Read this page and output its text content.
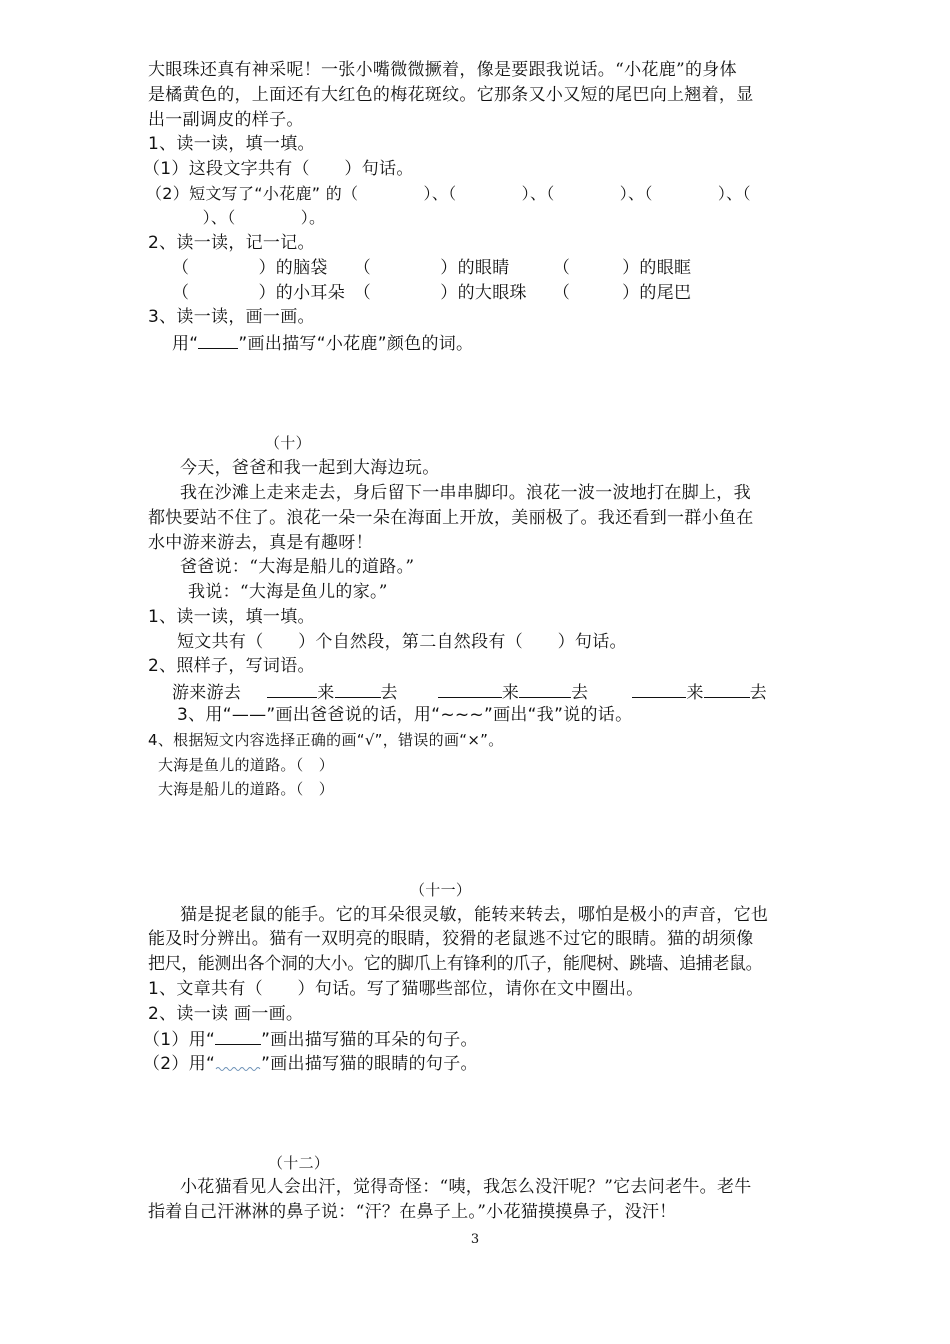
大眼珠还真有神采呢！一张小嘴微微撅着，像是要跟我说话。“小花鹿”的身体
是橘黄色的，上面还有大红色的梅花斑纹。它那条又小又短的尾巴向上翘着，显
出一副调皮的样子。
1、读一读，填一填。
（1）这段文字共有（　　）句话。
（2）短文写了“小花鹿” 的（　　　　）、（　　　　）、（　　　　）、（　　　　）、（
　　）、（　　　　）。
2、读一读，记一记。
（　　　　）的脑袋　　（　　　　）的眼睛　　　（　　　）的眼眶
（　　　　）的小耳朵　（　　　　）的大眼珠　　（　　　）的尾巴
3、读一读，画一画。
用“ ”画出描写“小花鹿”颜色的词。
（十）
今天，爸爸和我一起到大海边玩。
我在沙滩上走来走去，身后留下一串串脚印。浪花一波一波地打在脚上，我
都快要站不住了。浪花一朵一朵在海面上开放，美丽极了。我还看到一群小鱼在
水中游来游去，真是有趣呀！
爸爸说：“大海是船儿的道路。”
我说：“大海是鱼儿的家。”
1、读一读，填一填。
短文共有（　　）个自然段，第二自然段有（　　）句话。
2、照样子，写词语。
游来游去	来	去	来	去	来	去
3、用“——”画出爸爸说的话，用“~~~”画出“我”说的话。
4、根据短文内容选择正确的画“√”，错误的画“×”。
大海是鱼儿的道路。（　）
大海是船儿的道路。（　）
（十一）
猫是捉老鼠的能手。它的耳朵很灵敏，能转来转去，哪怕是极小的声音，它也
能及时分辨出。猫有一双明亮的眼睛，狡猾的老鼠逃不过它的眼睛。猫的胡须像
把尺，能测出各个洞的大小。它的脚爪上有锋利的爪子，能爬树、跳墙、追捕老鼠。
1、文章共有（　　）句话。写了猫哪些部位，请你在文中圈出。
2、读一读 画一画。
（1）用“	”画出描写猫的耳朵的句子。
（2）用“	”画出描写猫的眼睛的句子。
（十二）
小花猫看见人会出汗，觉得奇怪：“咦，我怎么没汗呢？”它去问老牛。老牛
指着自己汗淋淋的鼻子说：“汗？在鼻子上。”小花猫摸摸鼻子，没汗！
3
